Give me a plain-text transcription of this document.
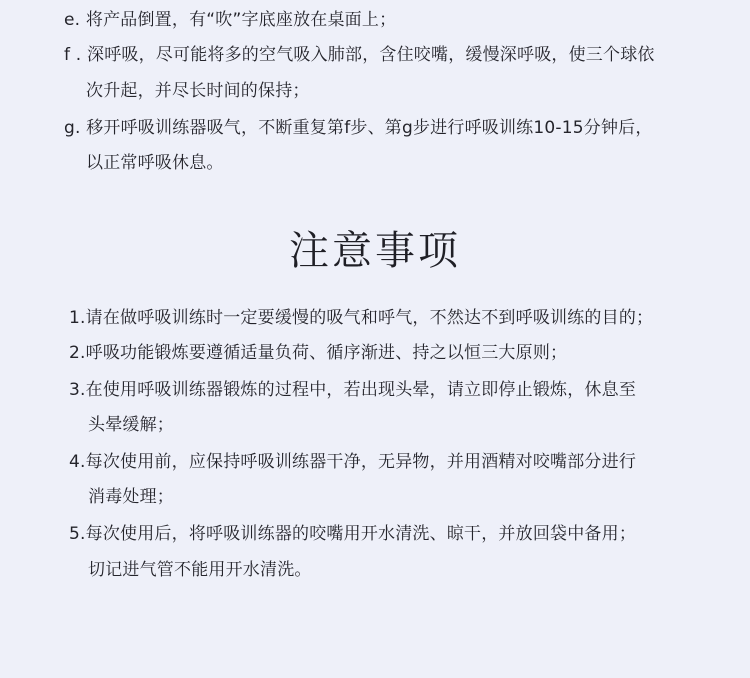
e. 将产品倒置，有“吹”字底座放在桌面上；
f . 深呼吸，尽可能将多的空气吸入肺部，含住咬嘴，缓慢深呼吸，使三个球依
次升起，并尽长时间的保持；
g. 移开呼吸训练器吸气，不断重复第f步、第g步进行呼吸训练10-15分钟后，
以正常呼吸休息。
注意事项
1.请在做呼吸训练时一定要缓慢的吸气和呼气，不然达不到呼吸训练的目的；
2.呼吸功能锻炼要遵循适量负荷、循序渐进、持之以恒三大原则；
3.在使用呼吸训练器锻炼的过程中，若出现头晕，请立即停止锻炼，休息至
头晕缓解；
4.每次使用前，应保持呼吸训练器干净，无异物，并用酒精对咬嘴部分进行
消毒处理；
5.每次使用后，将呼吸训练器的咬嘴用开水清洗、晾干，并放回袋中备用；
切记进气管不能用开水清洗。
